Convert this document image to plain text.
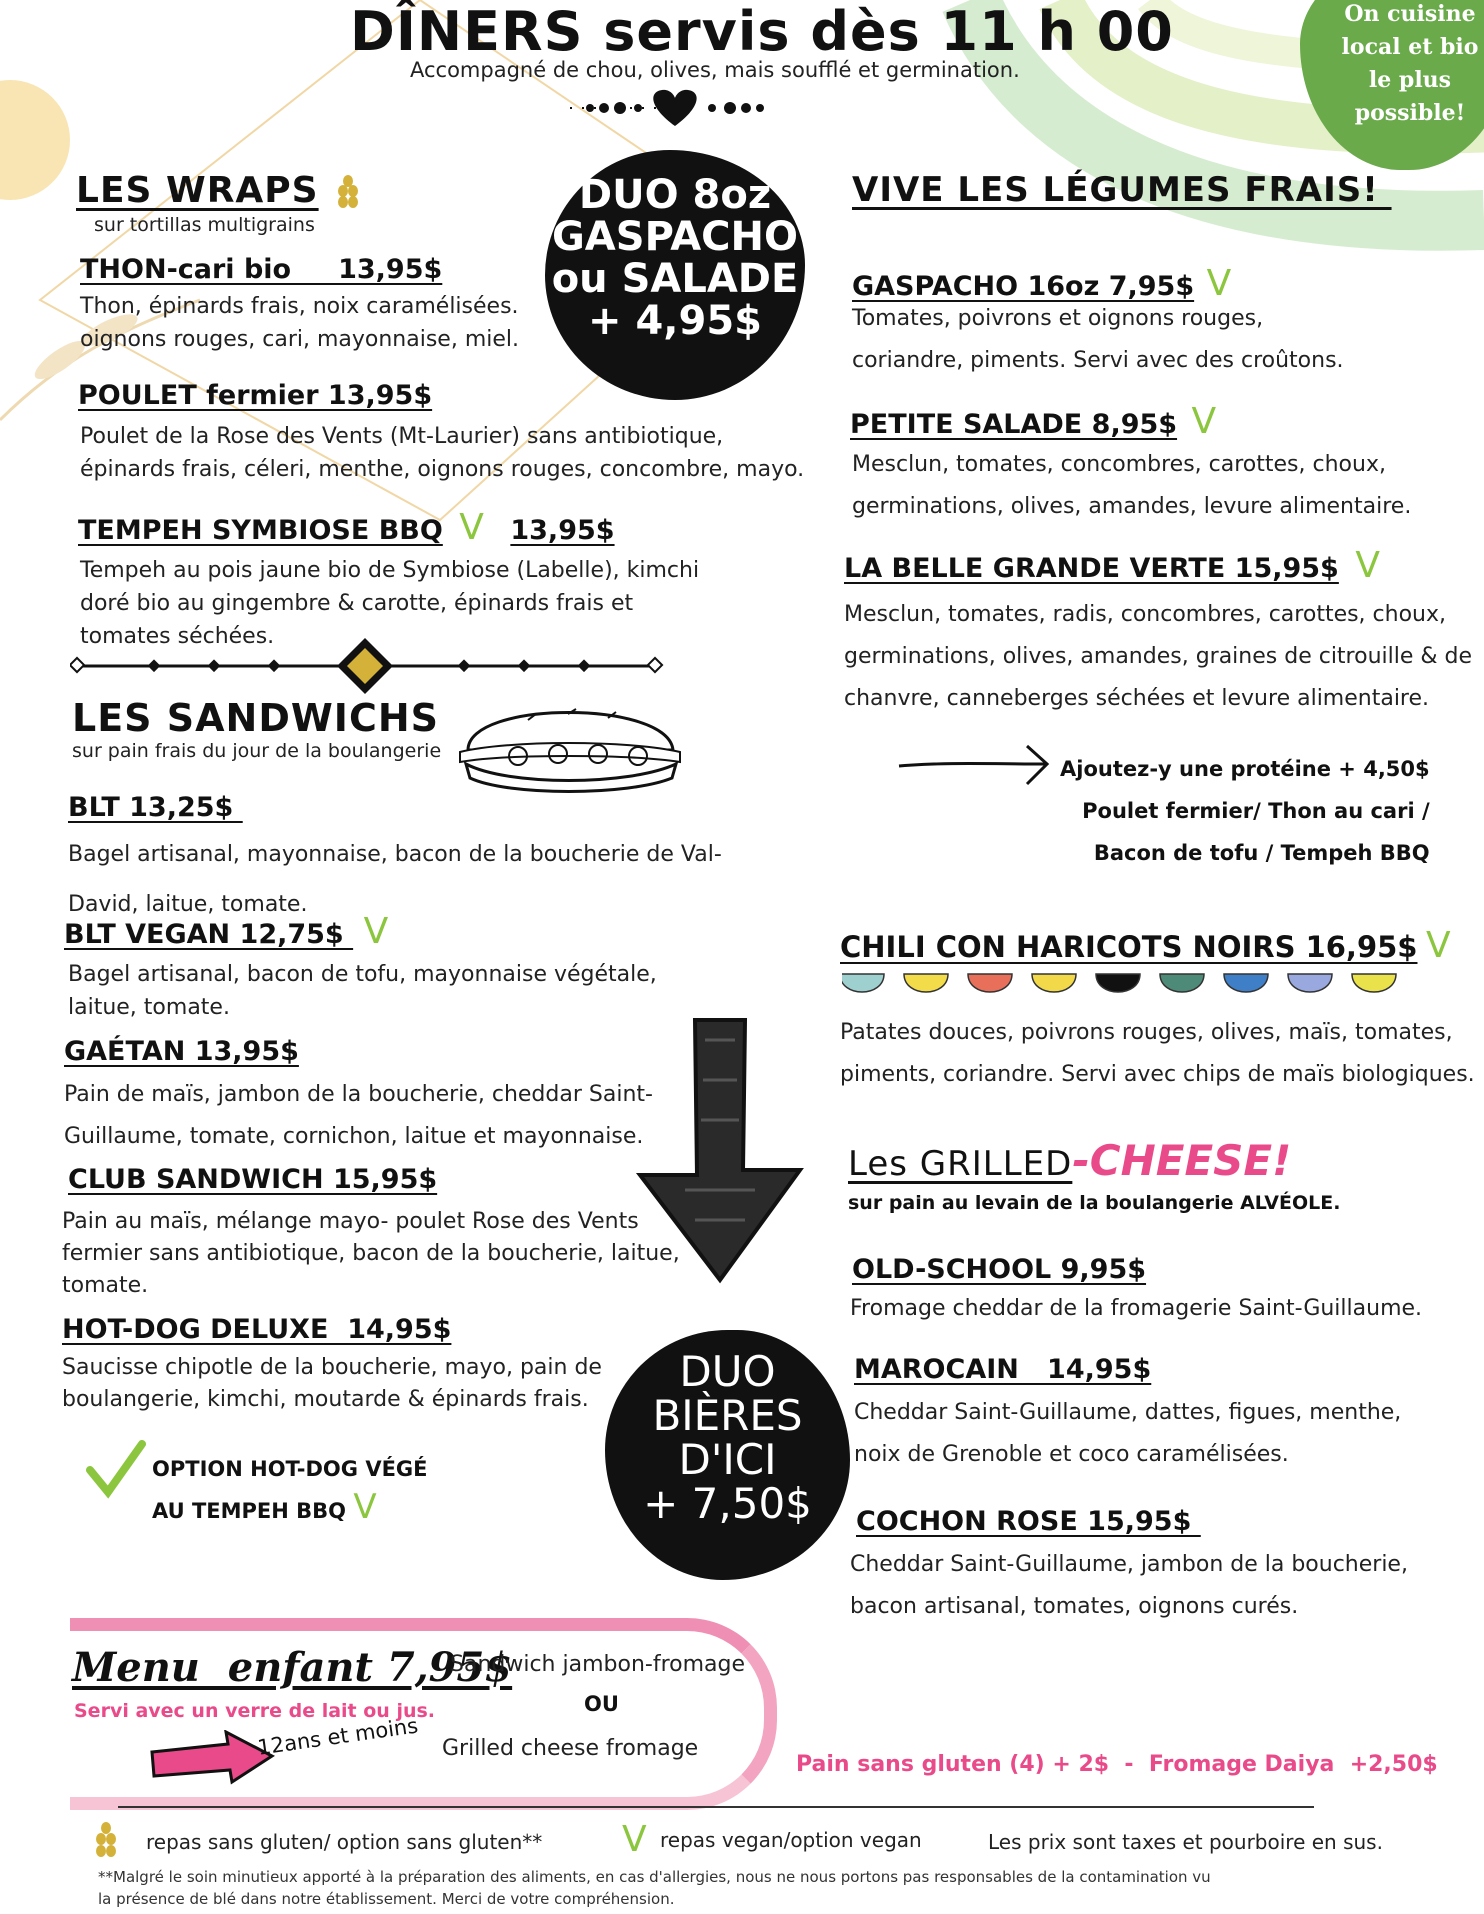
On cuisine
local et bio
le plus
possible!
DÎNERS servis dès 11 h 00
Accompagné de chou, olives, mais soufflé et germination.
DUO 8oz
GASPACHO
ou SALADE
+ 4,95$
LES WRAPS
sur tortillas multigrains
THON-cari bio     13,95$
Thon, épinards frais, noix caramélisées.
oignons rouges, cari, mayonnaise, miel.
POULET fermier 13,95$
Poulet de la Rose des Vents (Mt-Laurier) sans antibiotique,
épinards frais, céleri, menthe, oignons rouges, concombre, mayo.
TEMPEH SYMBIOSE BBQ V 13,95$
Tempeh au pois jaune bio de Symbiose (Labelle), kimchi
doré bio au gingembre & carotte, épinards frais et
tomates séchées.
LES SANDWICHS
sur pain frais du jour de la boulangerie
BLT 13,25$
Bagel artisanal, mayonnaise, bacon de la boucherie de Val-
David, laitue, tomate.
BLT VEGAN 12,75$  V
Bagel artisanal, bacon de tofu, mayonnaise végétale,
laitue, tomate.
GAÉTAN 13,95$
Pain de maïs, jambon de la boucherie, cheddar Saint-
Guillaume, tomate, cornichon, laitue et mayonnaise.
CLUB SANDWICH 15,95$
Pain au maïs, mélange mayo- poulet Rose des Vents
fermier sans antibiotique, bacon de la boucherie, laitue,
tomate.
HOT-DOG DELUXE  14,95$
Saucisse chipotle de la boucherie, mayo, pain de
boulangerie, kimchi, moutarde & épinards frais.
OPTION HOT-DOG VÉGÉ
AU TEMPEH BBQ V
DUO
BIÈRES
D'ICI
+ 7,50$
VIVE LES LÉGUMES FRAIS!
GASPACHO 16oz 7,95$ V
Tomates, poivrons et oignons rouges,
coriandre, piments. Servi avec des croûtons.
PETITE SALADE 8,95$ V
Mesclun, tomates, concombres, carottes, choux,
germinations, olives, amandes, levure alimentaire.
LA BELLE GRANDE VERTE 15,95$ V
Mesclun, tomates, radis, concombres, carottes, choux,
germinations, olives, amandes, graines de citrouille & de
chanvre, canneberges séchées et levure alimentaire.
Ajoutez-y une protéine + 4,50$
Poulet fermier/ Thon au cari /
Bacon de tofu / Tempeh BBQ
CHILI CON HARICOTS NOIRS 16,95$ V
Patates douces, poivrons rouges, olives, maïs, tomates,
piments, coriandre. Servi avec chips de maïs biologiques.
Les GRILLED-CHEESE!
sur pain au levain de la boulangerie ALVÉOLE.
OLD-SCHOOL 9,95$
Fromage cheddar de la fromagerie Saint-Guillaume.
MAROCAIN   14,95$
Cheddar Saint-Guillaume, dattes, figues, menthe,
noix de Grenoble et coco caramélisées.
COCHON ROSE 15,95$
Cheddar Saint-Guillaume, jambon de la boucherie,
bacon artisanal, tomates, oignons curés.
Menu  enfant 7,95$
Servi avec un verre de lait ou jus.
12ans et moins
Sandwich jambon-fromage
OU
Grilled cheese fromage
Pain sans gluten (4) + 2$  -  Fromage Daiya  +2,50$
repas sans gluten/ option sans gluten** V repas vegan/option vegan	Les prix sont taxes et pourboire en sus.
**Malgré le soin minutieux apporté à la préparation des aliments, en cas d'allergies, nous ne nous portons pas responsables de la contamination vu
la présence de blé dans notre établissement. Merci de votre compréhension.
